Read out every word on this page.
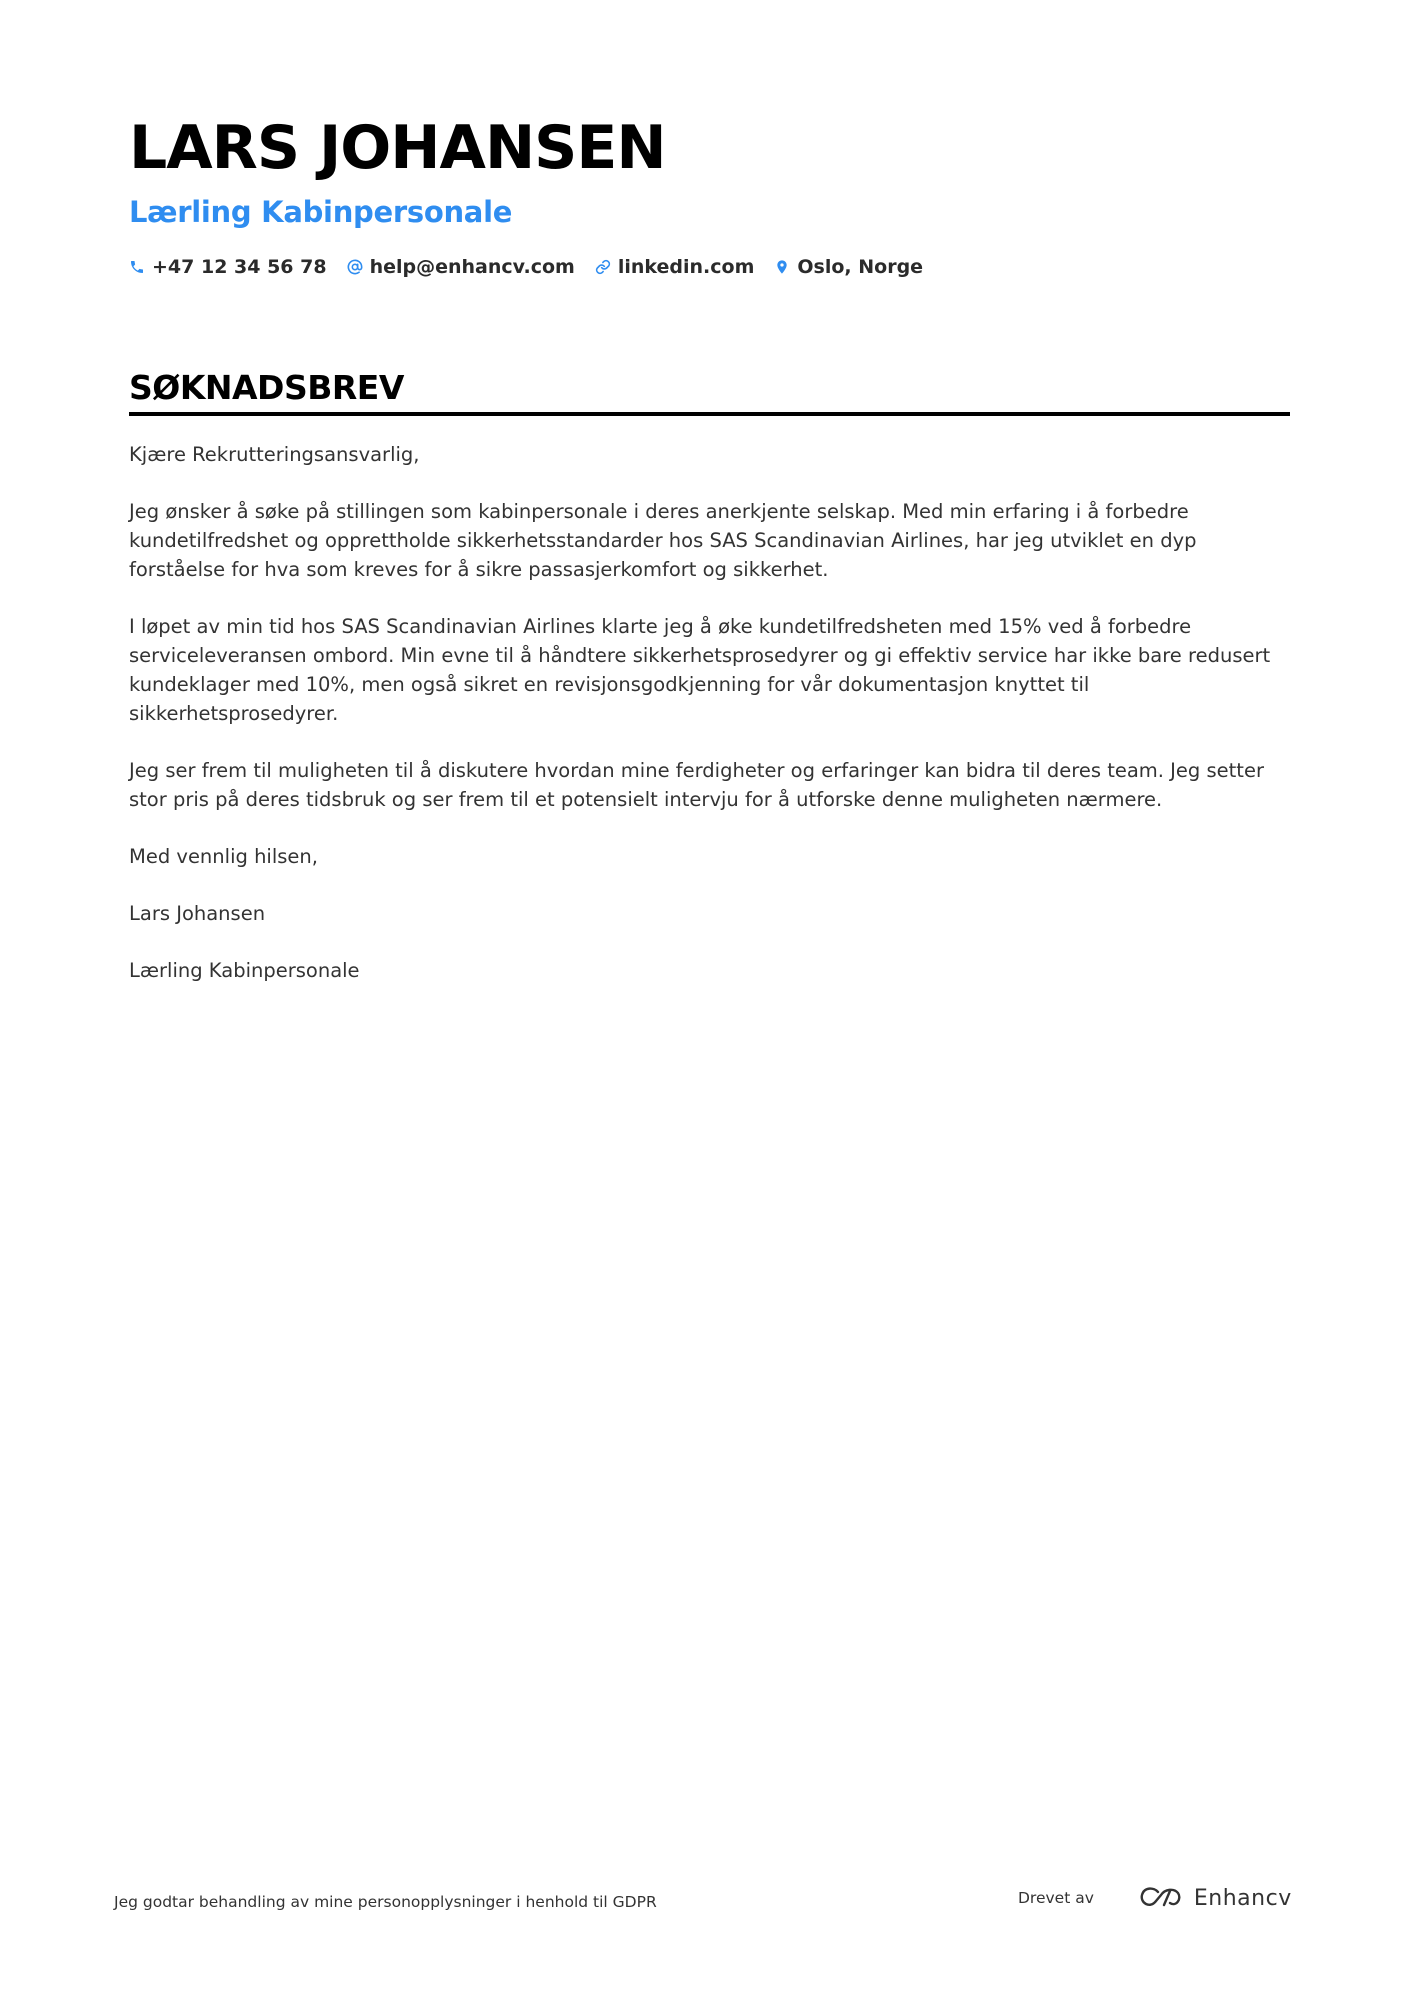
LARS JOHANSEN
Lærling Kabinpersonale
+47 12 34 56 78 help@enhancv.com linkedin.com Oslo, Norge
SØKNADSBREV

Kjære Rekrutteringsansvarlig,

Jeg ønsker å søke på stillingen som kabinpersonale i deres anerkjente selskap. Med min erfaring i å forbedre kundetilfredshet og opprettholde sikkerhetsstandarder hos SAS Scandinavian Airlines, har jeg utviklet en dyp forståelse for hva som kreves for å sikre passasjerkomfort og sikkerhet.

I løpet av min tid hos SAS Scandinavian Airlines klarte jeg å øke kundetilfredsheten med 15% ved å forbedre serviceleveransen ombord. Min evne til å håndtere sikkerhetsprosedyrer og gi effektiv service har ikke bare redusert kundeklager med 10%, men også sikret en revisjonsgodkjenning for vår dokumentasjon knyttet til sikkerhetsprosedyrer.

Jeg ser frem til muligheten til å diskutere hvordan mine ferdigheter og erfaringer kan bidra til deres team. Jeg setter stor pris på deres tidsbruk og ser frem til et potensielt intervju for å utforske denne muligheten nærmere.

Med vennlig hilsen,

Lars Johansen

Lærling Kabinpersonale

Jeg godtar behandling av mine personopplysninger i henhold til GDPR	Drevet av	Enhancv
